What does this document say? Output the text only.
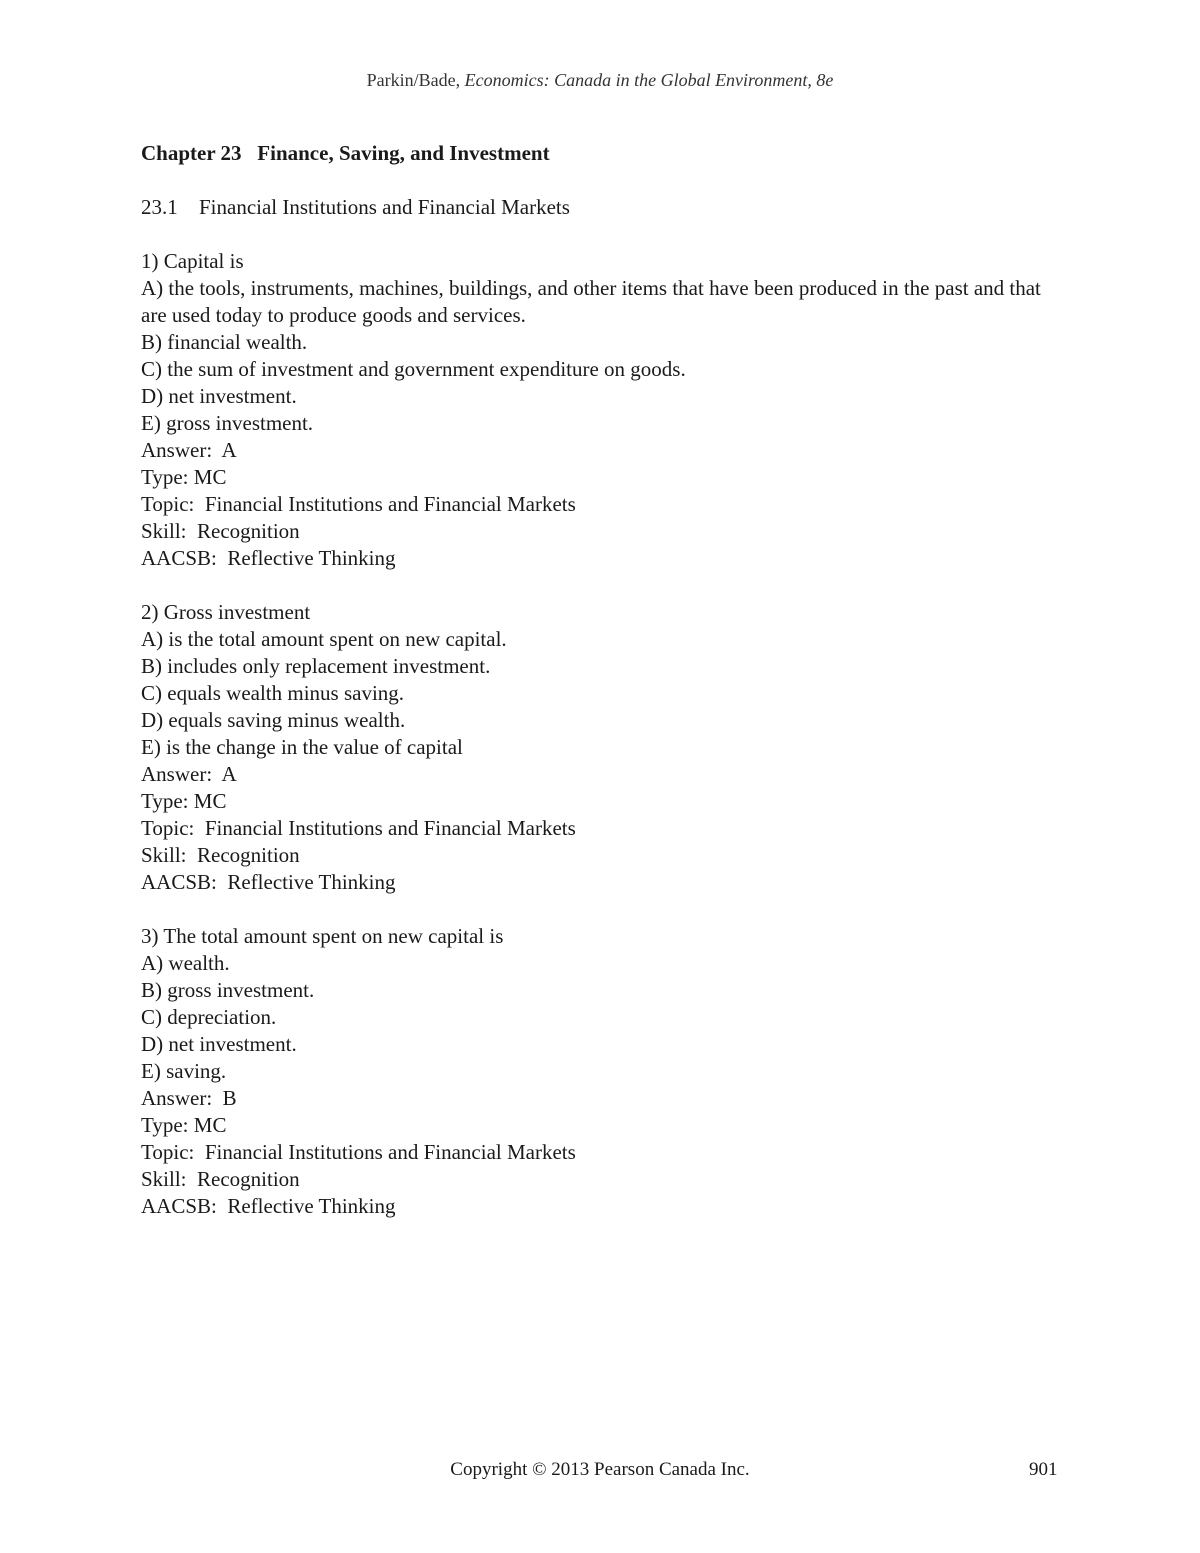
Parkin/Bade, Economics: Canada in the Global Environment, 8e
Chapter 23   Finance, Saving, and Investment
23.1 Financial Institutions and Financial Markets
1) Capital is
A) the tools, instruments, machines, buildings, and other items that have been produced in the past and that are used today to produce goods and services.
B) financial wealth.
C) the sum of investment and government expenditure on goods.
D) net investment.
E) gross investment.
Answer:  A
Type: MC
Topic:  Financial Institutions and Financial Markets
Skill:  Recognition
AACSB:  Reflective Thinking
2) Gross investment
A) is the total amount spent on new capital.
B) includes only replacement investment.
C) equals wealth minus saving.
D) equals saving minus wealth.
E) is the change in the value of capital
Answer:  A
Type: MC
Topic:  Financial Institutions and Financial Markets
Skill:  Recognition
AACSB:  Reflective Thinking
3) The total amount spent on new capital is
A) wealth.
B) gross investment.
C) depreciation.
D) net investment.
E) saving.
Answer:  B
Type: MC
Topic:  Financial Institutions and Financial Markets
Skill:  Recognition
AACSB:  Reflective Thinking
Copyright © 2013 Pearson Canada Inc.	901
